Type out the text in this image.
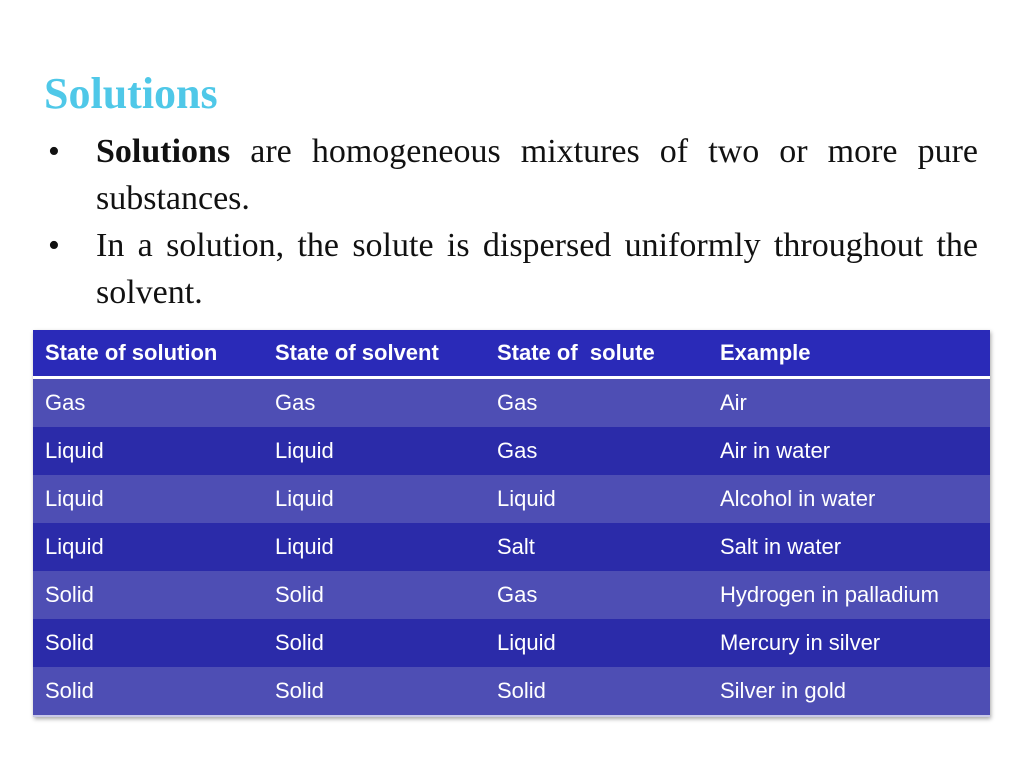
Solutions
• Solutions are homogeneous mixtures of two or more pure substances.
• In a solution, the solute is dispersed uniformly throughout the solvent.
State of solution	State of solvent	State of  solute	Example
Gas	Gas	Gas	Air
Liquid	Liquid	Gas	Air in water
Liquid	Liquid	Liquid	Alcohol in water
Liquid	Liquid	Salt	Salt in water
Solid	Solid	Gas	Hydrogen in palladium
Solid	Solid	Liquid	Mercury in silver
Solid	Solid	Solid	Silver in gold
